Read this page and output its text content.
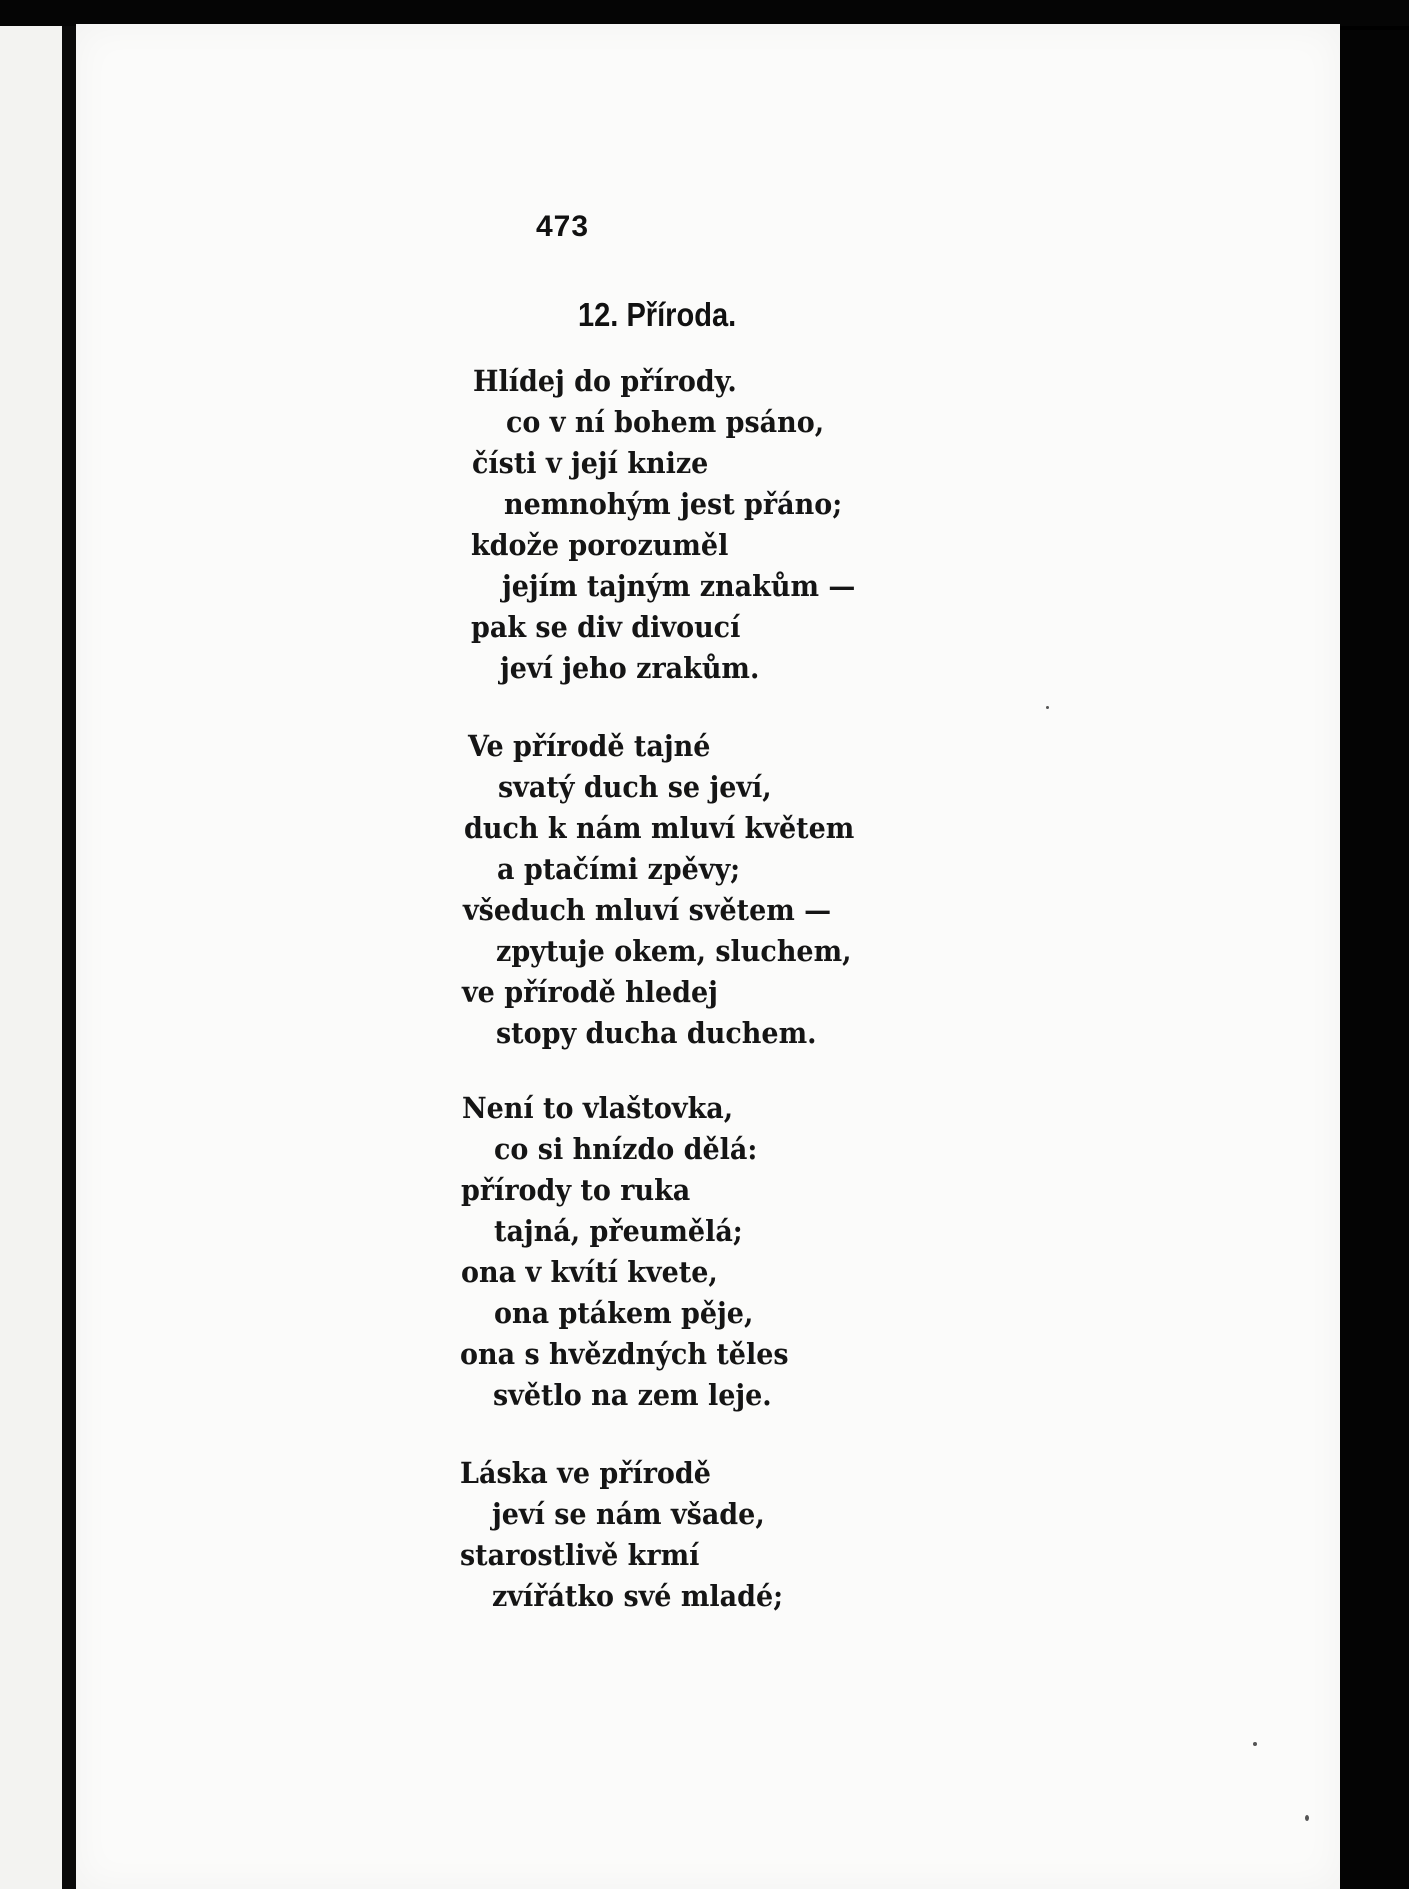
473
12. Příroda.
Hlídej do přírody.
co v ní bohem psáno,
čísti v její knize
nemnohým jest přáno;
kdože porozuměl
jejím tajným znakům —
pak se div divoucí
jeví jeho zrakům.
Ve přírodě tajné
svatý duch se jeví,
duch k nám mluví květem
a ptačími zpěvy;
všeduch mluví světem —
zpytuje okem, sluchem,
ve přírodě hledej
stopy ducha duchem.
Není to vlaštovka,
co si hnízdo dělá:
přírody to ruka
tajná, přeumělá;
ona v kvítí kvete,
ona ptákem pěje,
ona s hvězdných těles
světlo na zem leje.
Láska ve přírodě
jeví se nám všade,
starostlivě krmí
zvířátko své mladé;
